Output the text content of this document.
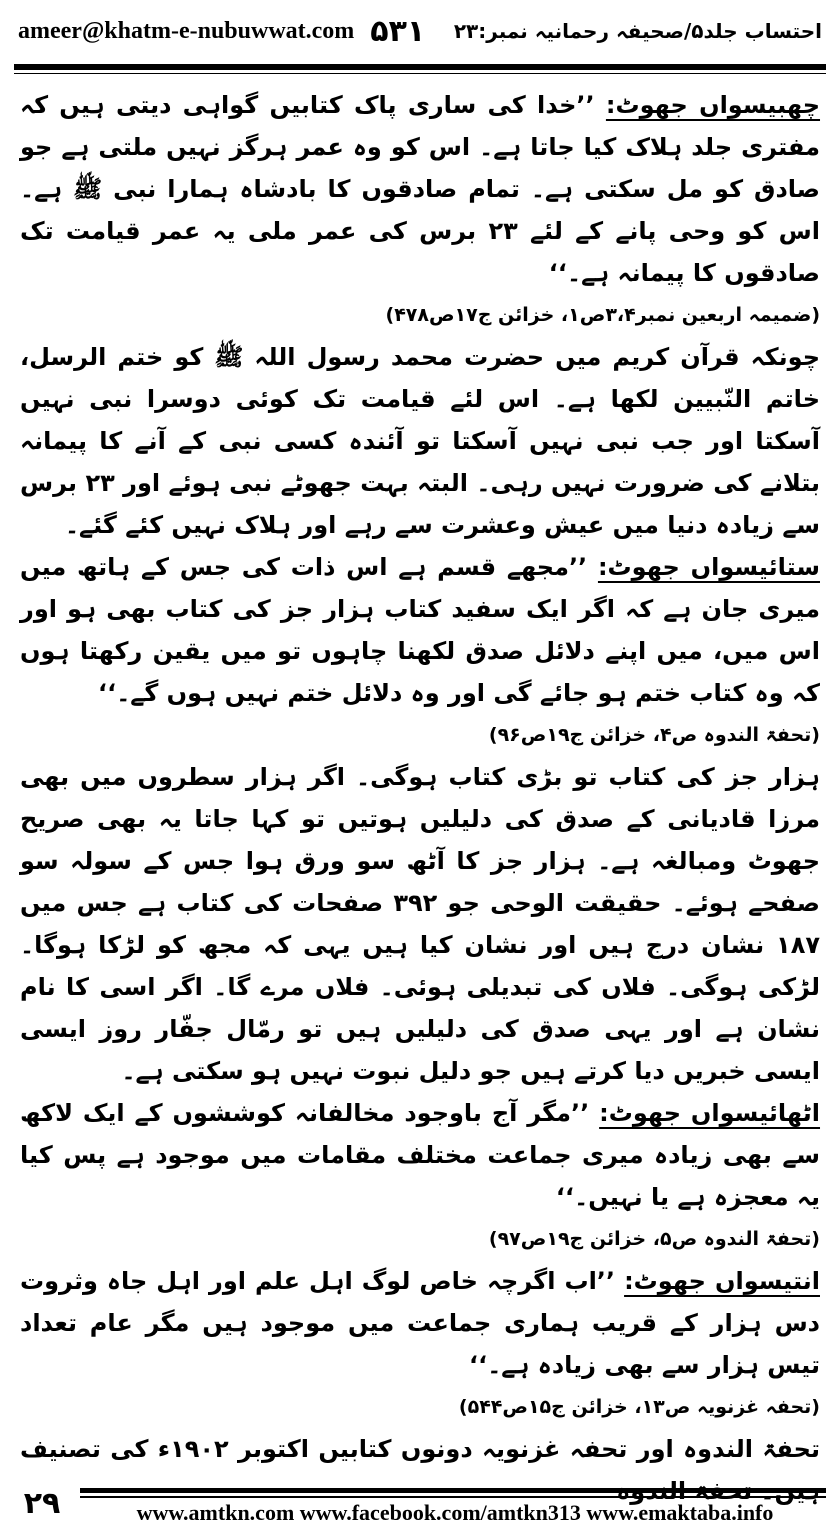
ameer@khatm-e-nubuwwat.com ۵۳۱ احتساب جلد۵/صحیفہ رحمانیہ نمبر:۲۳

چھبیسواں جھوٹ: ’’خدا کی ساری پاک کتابیں گواہی دیتی ہیں کہ مفتری جلد ہلاک کیا جاتا ہے۔ اس کو وہ عمر ہرگز نہیں ملتی ہے جو صادق کو مل سکتی ہے۔ تمام صادقوں کا بادشاہ ہمارا نبی ﷺ ہے۔ اس کو وحی پانے کے لئے ۲۳ برس کی عمر ملی یہ عمر قیامت تک صادقوں کا پیمانہ ہے۔‘‘

(ضمیمہ اربعین نمبر۳،۴ص۱، خزائن ج۱۷ص۴۷۸)

چونکہ قرآن کریم میں حضرت محمد رسول اللہ ﷺ کو ختم الرسل، خاتم النّبیین لکھا ہے۔ اس لئے قیامت تک کوئی دوسرا نبی نہیں آسکتا اور جب نبی نہیں آسکتا تو آئندہ کسی نبی کے آنے کا پیمانہ بتلانے کی ضرورت نہیں رہی۔ البتہ بہت جھوٹے نبی ہوئے اور ۲۳ برس سے زیادہ دنیا میں عیش وعشرت سے رہے اور ہلاک نہیں کئے گئے۔

ستائیسواں جھوٹ: ’’مجھے قسم ہے اس ذات کی جس کے ہاتھ میں میری جان ہے کہ اگر ایک سفید کتاب ہزار جز کی کتاب بھی ہو اور اس میں، میں اپنے دلائل صدق لکھنا چاہوں تو میں یقین رکھتا ہوں کہ وہ کتاب ختم ہو جائے گی اور وہ دلائل ختم نہیں ہوں گے۔‘‘

(تحفۃ الندوہ ص۴، خزائن ج۱۹ص۹۶)

ہزار جز کی کتاب تو بڑی کتاب ہوگی۔ اگر ہزار سطروں میں بھی مرزا قادیانی کے صدق کی دلیلیں ہوتیں تو کہا جاتا یہ بھی صریح جھوٹ ومبالغہ ہے۔ ہزار جز کا آٹھ سو ورق ہوا جس کے سولہ سو صفحے ہوئے۔ حقیقت الوحی جو ۳۹۲ صفحات کی کتاب ہے جس میں ۱۸۷ نشان درج ہیں اور نشان کیا ہیں یہی کہ مجھ کو لڑکا ہوگا۔ لڑکی ہوگی۔ فلاں کی تبدیلی ہوئی۔ فلاں مرے گا۔ اگر اسی کا نام نشان ہے اور یہی صدق کی دلیلیں ہیں تو رمّال جفّار روز ایسی ایسی خبریں دیا کرتے ہیں جو دلیل نبوت نہیں ہو سکتی ہے۔

اٹھائیسواں جھوٹ: ’’مگر آج باوجود مخالفانہ کوششوں کے ایک لاکھ سے بھی زیادہ میری جماعت مختلف مقامات میں موجود ہے پس کیا یہ معجزہ ہے یا نہیں۔‘‘

(تحفۃ الندوہ ص۵، خزائن ج۱۹ص۹۷)

انتیسواں جھوٹ: ’’اب اگرچہ خاص لوگ اہل علم اور اہل جاہ وثروت دس ہزار کے قریب ہماری جماعت میں موجود ہیں مگر عام تعداد تیس ہزار سے بھی زیادہ ہے۔‘‘

(تحفہ غزنویہ ص۱۳، خزائن ج۱۵ص۵۴۴)

تحفۃ الندوہ اور تحفہ غزنویہ دونوں کتابیں اکتوبر ۱۹۰۲ء کی تصنیف

۲۹	www.amtkn.com www.facebook.com/amtkn313 www.emaktaba.info
